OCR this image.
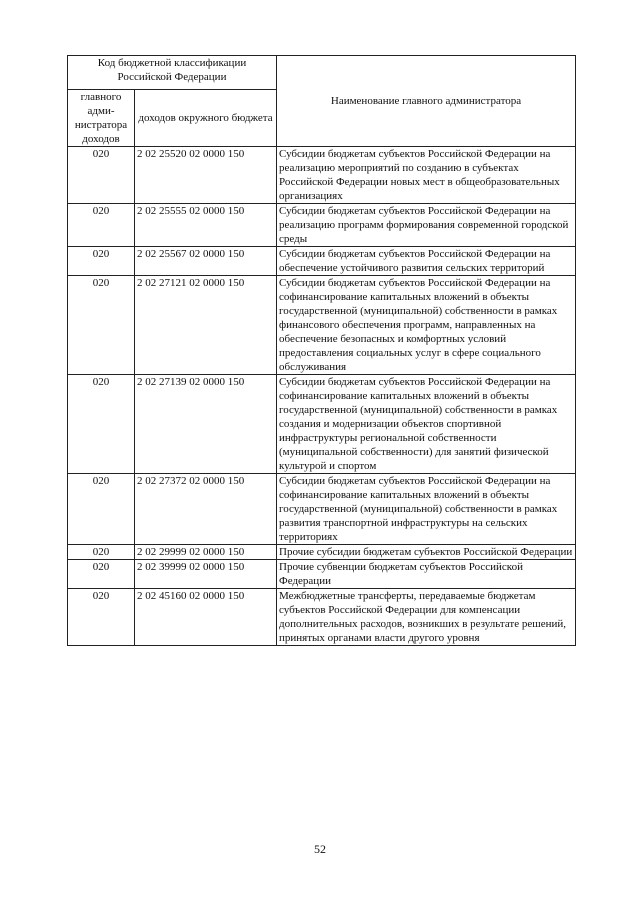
Код бюджетной классификации Российской Федерации		Наименование главного администратора
главного адми-нистратора доходов	доходов окружного бюджета	
020	2 02 25520 02 0000 150	Субсидии бюджетам субъектов Российской Федерации на реализацию мероприятий по созданию в субъектах Российской Федерации новых мест в общеобразовательных организациях
020	2 02 25555 02 0000 150	Субсидии бюджетам субъектов Российской Федерации на реализацию программ формирования современной городской среды
020	2 02 25567 02 0000 150	Субсидии бюджетам субъектов Российской Федерации на обеспечение устойчивого развития сельских территорий
020	2 02 27121 02 0000 150	Субсидии бюджетам субъектов Российской Федерации на софинансирование капитальных вложений в объекты государственной (муниципальной) собственности в рамках финансового обеспечения программ, направленных на обеспечение безопасных и комфортных условий предоставления социальных услуг в сфере социального обслуживания
020	2 02 27139 02 0000 150	Субсидии бюджетам субъектов Российской Федерации на софинансирование капитальных вложений в объекты государственной (муниципальной) собственности в рамках создания и модернизации объектов спортивной инфраструктуры региональной собственности (муниципальной собственности) для занятий физической культурой и спортом
020	2 02 27372 02 0000 150	Субсидии бюджетам субъектов Российской Федерации на софинансирование капитальных вложений в объекты государственной (муниципальной) собственности в рамках развития транспортной инфраструктуры на сельских территориях
020	2 02 29999 02 0000 150	Прочие субсидии бюджетам субъектов Российской Федерации
020	2 02 39999 02 0000 150	Прочие субвенции бюджетам субъектов Российской Федерации
020	2 02 45160 02 0000 150	Межбюджетные трансферты, передаваемые бюджетам субъектов Российской Федерации для компенсации дополнительных расходов, возникших в результате решений, принятых органами власти другого уровня
52
